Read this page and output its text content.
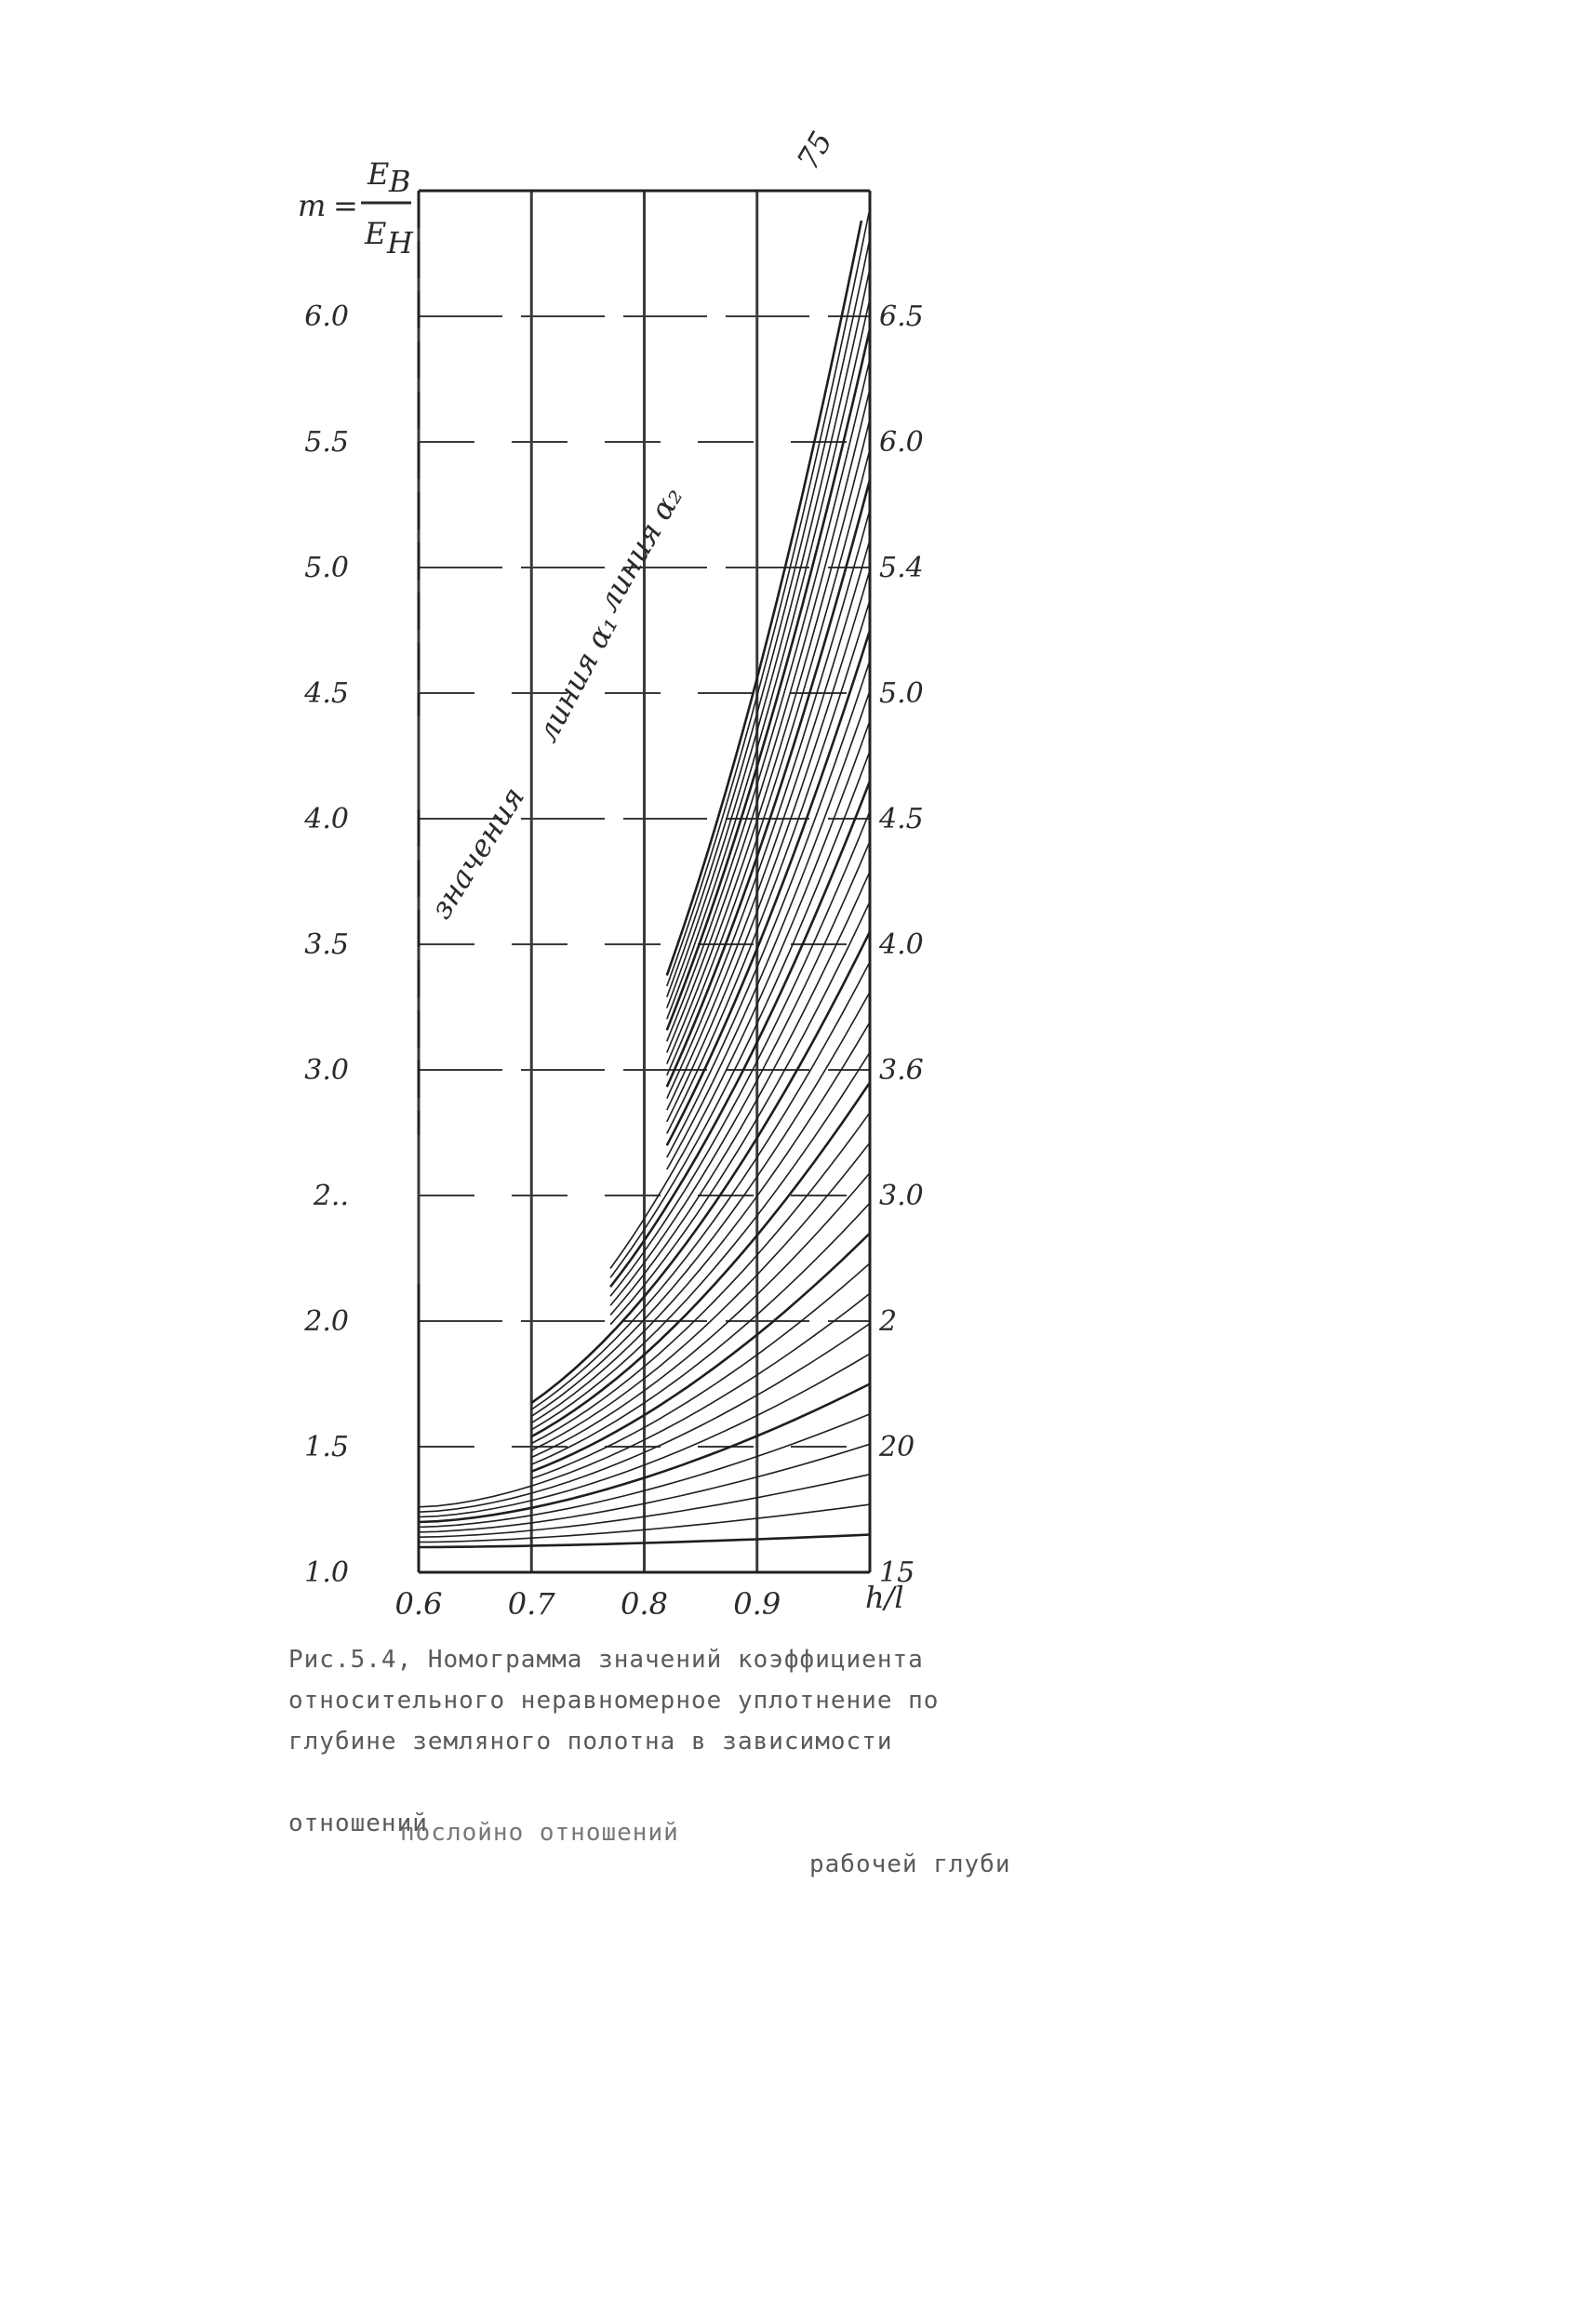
1.0
1.5
2.0
2..
3.0
3.5
4.0
4.5
5.0
5.5
6.0
15
20
2
3.0
3.6
4.0
4.5
5.0
5.4
6.0
6.5
0.6 0.7 0.8 0.9
m =
E B
E H
h/l
75
линия α₂
линия α₁
значения
Рис.5.4, Номограмма значений коэффициента
относительного неравномерное уплотнение по
глубине земляного полотна в зависимости

отношений

рабочей глуби

послойно отношений
